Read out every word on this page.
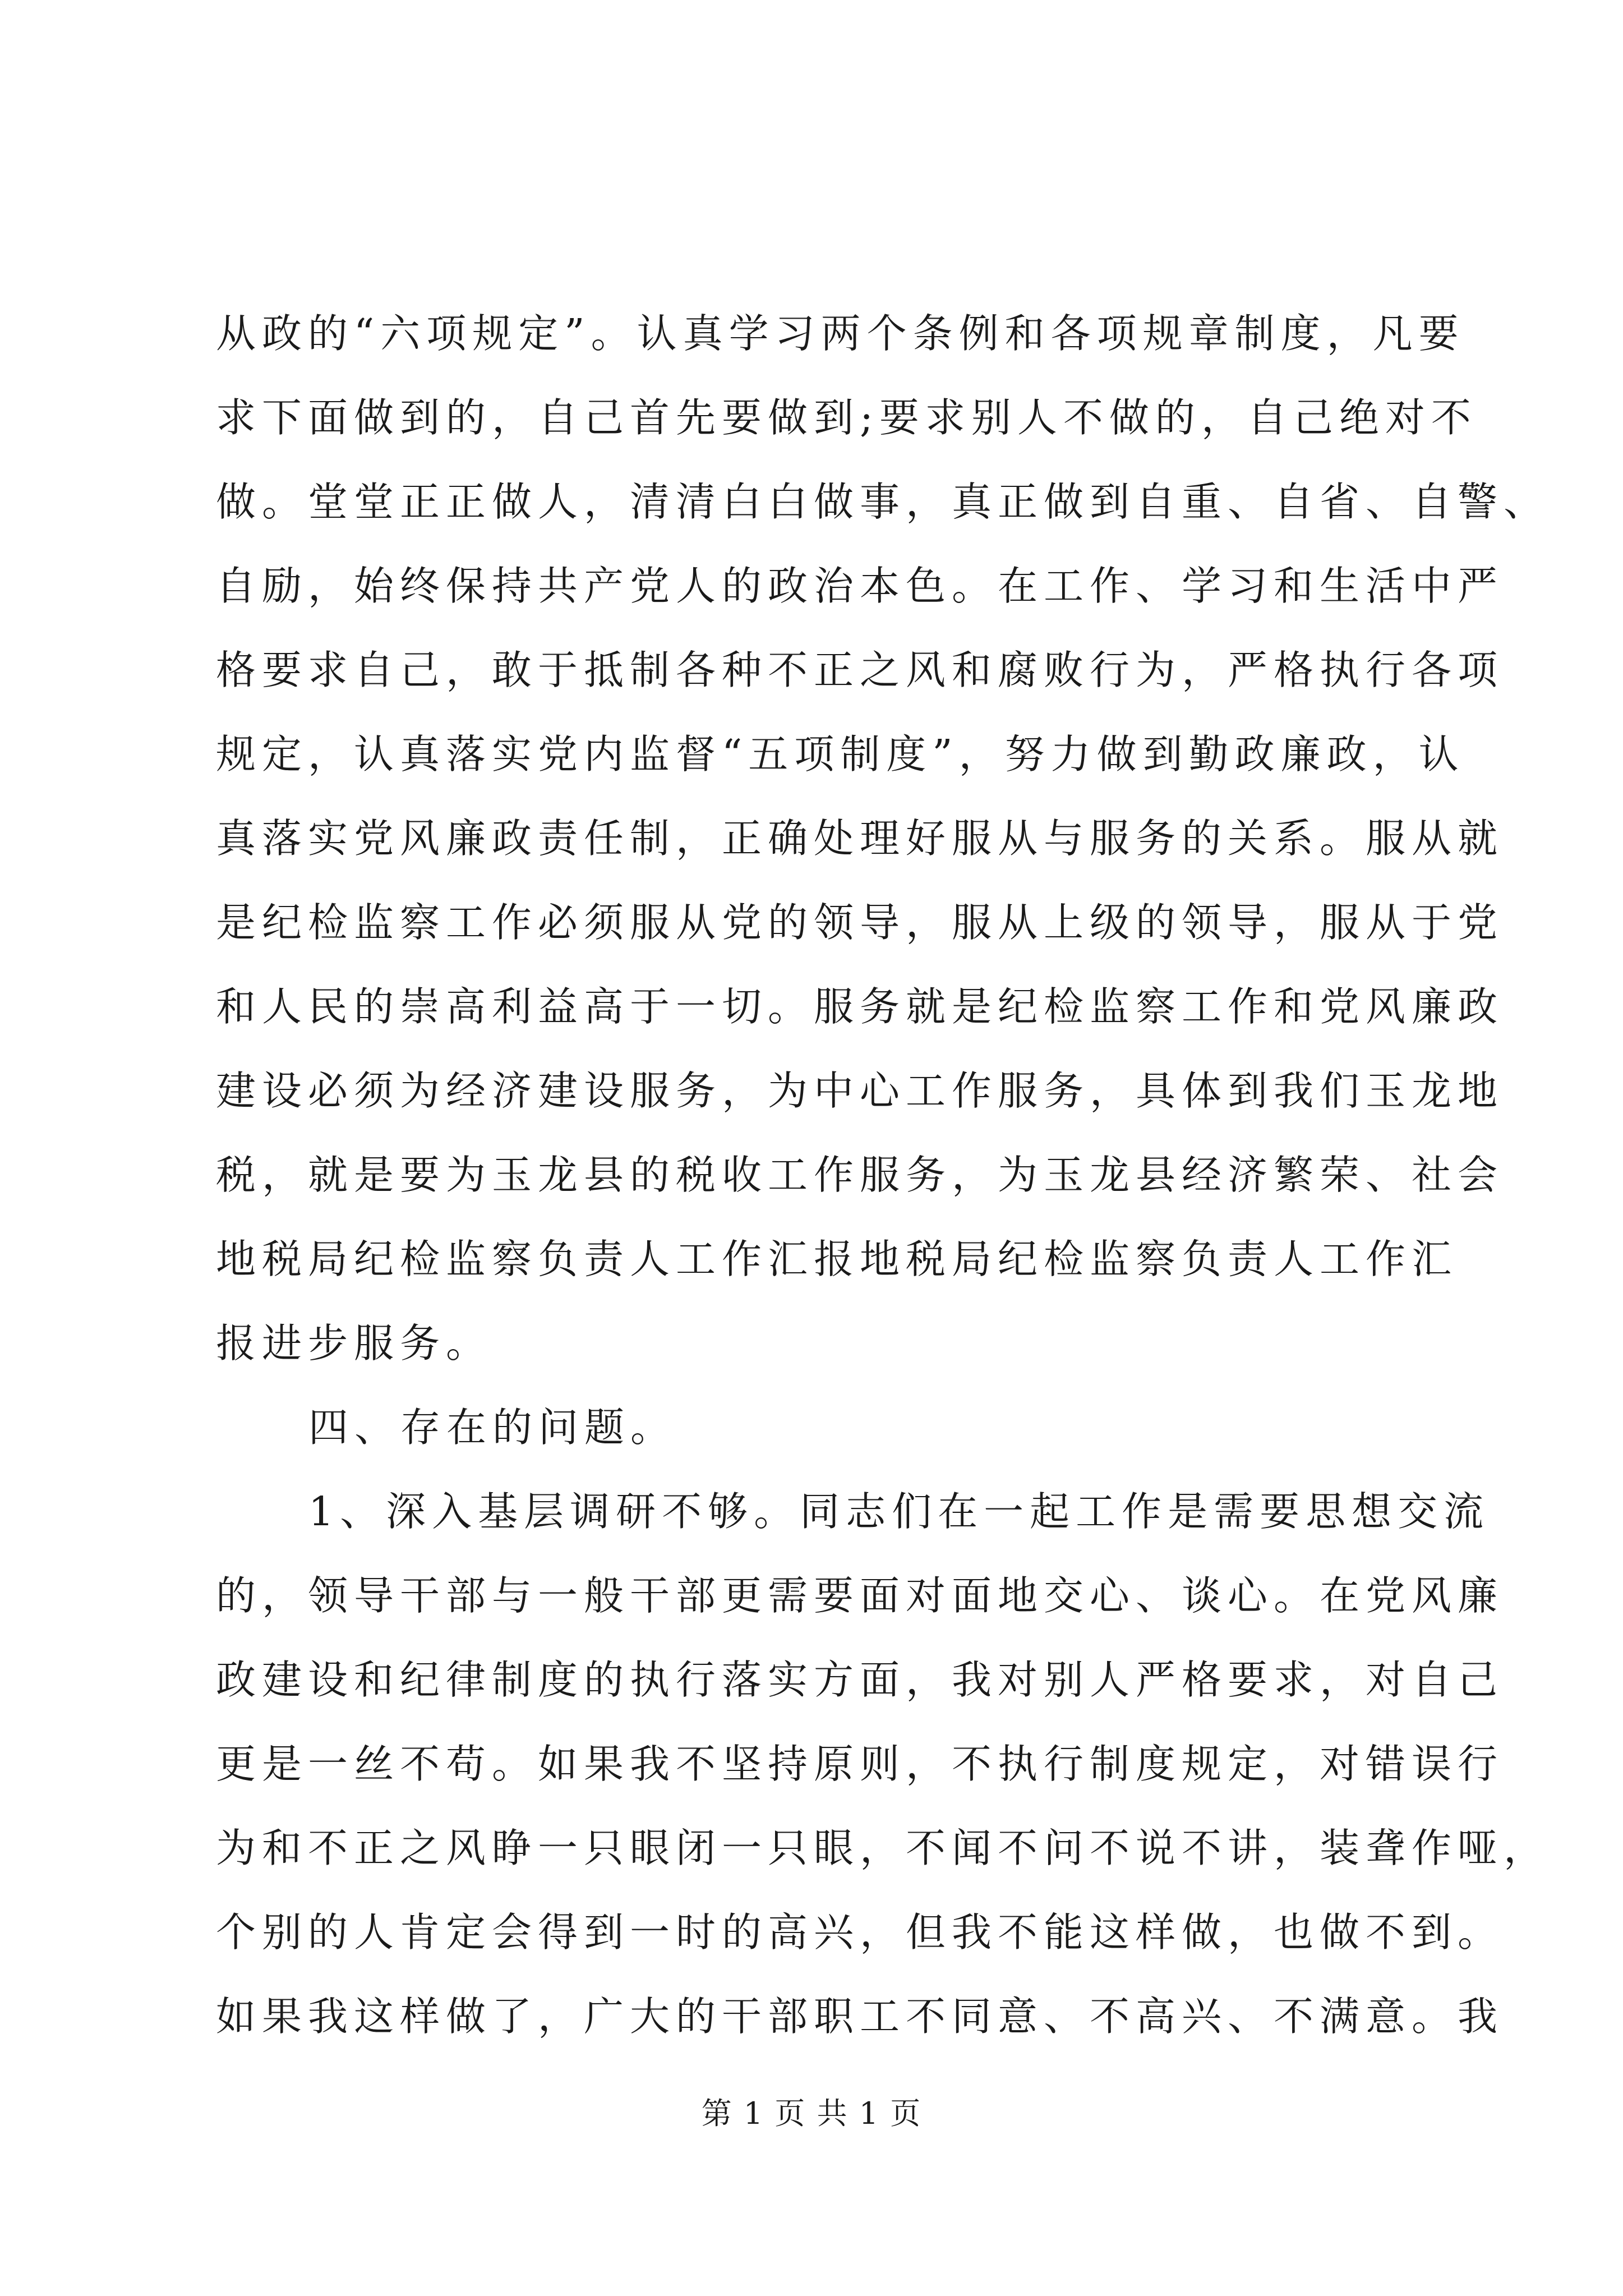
从政的“六项规定”。认真学习两个条例和各项规章制度，凡要
求下面做到的，自己首先要做到;要求别人不做的，自己绝对不
做。堂堂正正做人，清清白白做事，真正做到自重、自省、自警、
自励，始终保持共产党人的政治本色。在工作、学习和生活中严
格要求自己，敢于抵制各种不正之风和腐败行为，严格执行各项
规定，认真落实党内监督“五项制度”，努力做到勤政廉政，认
真落实党风廉政责任制，正确处理好服从与服务的关系。服从就
是纪检监察工作必须服从党的领导，服从上级的领导，服从于党
和人民的崇高利益高于一切。服务就是纪检监察工作和党风廉政
建设必须为经济建设服务，为中心工作服务，具体到我们玉龙地
税，就是要为玉龙县的税收工作服务，为玉龙县经济繁荣、社会
地税局纪检监察负责人工作汇报地税局纪检监察负责人工作汇
报进步服务。
四、存在的问题。
1、深入基层调研不够。同志们在一起工作是需要思想交流
的，领导干部与一般干部更需要面对面地交心、谈心。在党风廉
政建设和纪律制度的执行落实方面，我对别人严格要求，对自己
更是一丝不苟。如果我不坚持原则，不执行制度规定，对错误行
为和不正之风睁一只眼闭一只眼，不闻不问不说不讲，装聋作哑，
个别的人肯定会得到一时的高兴，但我不能这样做，也做不到。
如果我这样做了，广大的干部职工不同意、不高兴、不满意。我
第 1 页 共 1 页
